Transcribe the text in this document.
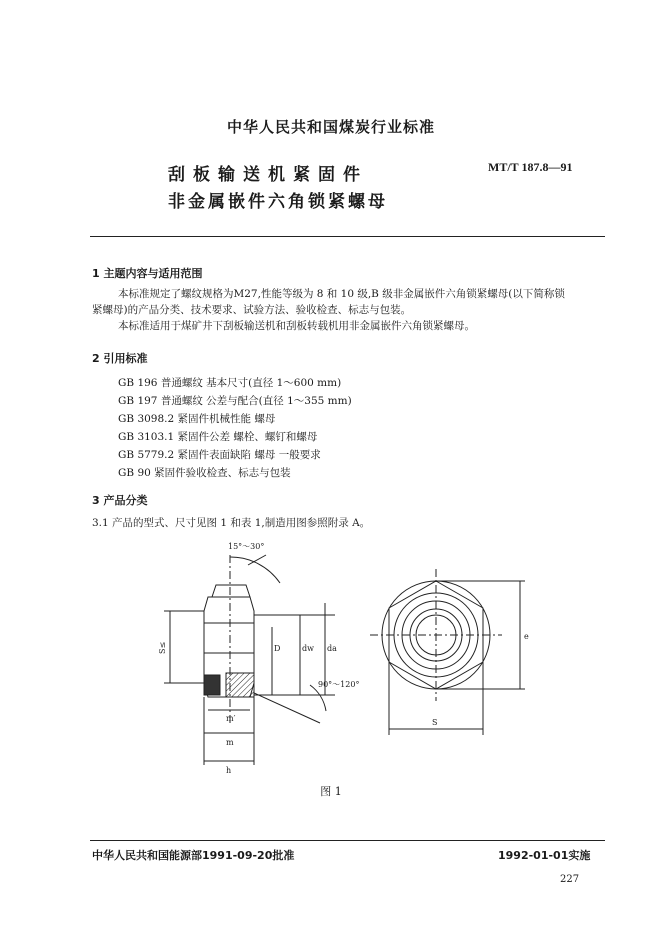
中华人民共和国煤炭行业标准
刮板输送机紧固件
非金属嵌件六角锁紧螺母
MT/T 187.8—91
1 主题内容与适用范围
本标准规定了螺纹规格为M27,性能等级为 8 和 10 级,B 级非金属嵌件六角锁紧螺母(以下简称锁
紧螺母)的产品分类、技术要求、试验方法、验收检查、标志与包装。
本标准适用于煤矿井下刮板输送机和刮板转载机用非金属嵌件六角锁紧螺母。
2 引用标准
GB 196 普通螺纹 基本尺寸(直径 1～600 mm)
GB 197 普通螺纹 公差与配合(直径 1～355 mm)
GB 3098.2 紧固件机械性能 螺母
GB 3103.1 紧固件公差 螺栓、螺钉和螺母
GB 5779.2 紧固件表面缺陷 螺母 一般要求
GB 90 紧固件验收检查、标志与包装
3 产品分类
3.1 产品的型式、尺寸见图 1 和表 1,制造用图参照附录 A。
15°～30°
90°～120°
S≤	D	dw da
m′
m
h
S
e
图 1
中华人民共和国能源部1991-09-20批准	1992-01-01实施
227
